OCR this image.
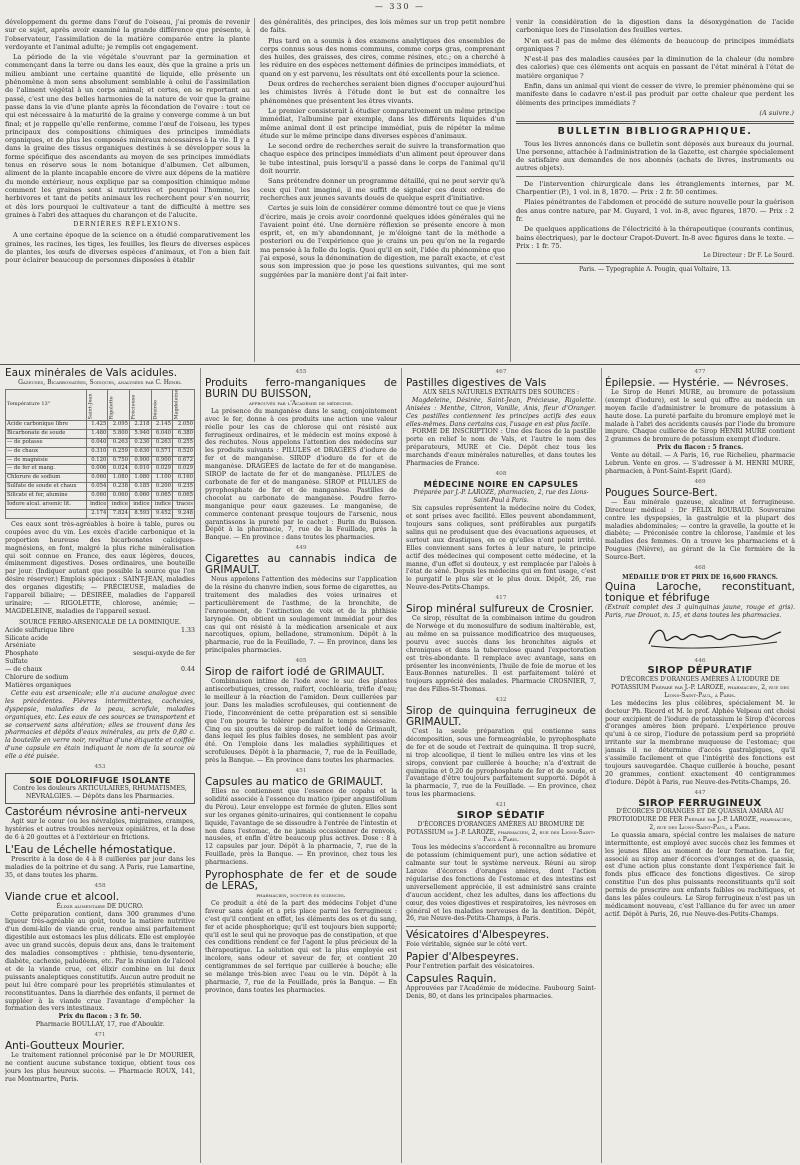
— 330 —

développement du germe dans l'œuf de l'oiseau, j'ai promis de revenir sur ce sujet, après avoir examiné la grande différence que présente, à l'observateur, l'assimilation de la matière comparée entre la plante verdoyante et l'animal adulte; je remplis cet engagement.

La période de la vie végétale s'ouvrant par la germination et commençant dans la terre ou dans les eaux, dès que la graine a pris un milieu ambiant une certaine quantité de liquide, elle présente un phénomène à mon sens absolument semblable à celui de l'assimilation de l'aliment végétal à un corps animal; et certes, en se reportant au passé, c'est une des belles harmonies de la nature de voir que la graine passe dans la vie d'une plante après la fécondation de l'ovaire : tout ce qui est nécessaire à la maturité de la graine y converge comme à un but final; et je rappelle qu'elle renferme, comme l'œuf de l'oiseau, les types principaux des compositions chimiques des principes immédiats organiques, et de plus les composés minéraux nécessaires à la vie. Il y a dans la graine des tissus organiques destinés à se développer sous la forme spécifique des ascendants au moyen de ses principes immédiats tenus en réserve sous le nom botanique d'albumen. Cet albumen, aliment de la plante incapable encore de vivre aux dépens de la matière du monde extérieur, nous explique par sa composition chimique même comment les graines sont si nutritives et pourquoi l'homme, les herbivores et tant de petits animaux les recherchent pour s'en nourrir, et dès lors pourquoi le cultivateur a tant de difficulté à mettre ses graines à l'abri des attaques du charançon et de l'alucite.

DERNIÈRES RÉFLEXIONS.

A une certaine époque de la science on a étudié comparativement les graines, les racines, les tiges, les feuilles, les fleurs de diverses espèces de plantes, les œufs de diverses espèces d'animaux, et l'on a bien fait pour éclairer beaucoup de personnes disposées à établir

des généralités, des principes, des lois mêmes sur un trop petit nombre de faits.

Plus tard on a soumis à des examens analytiques des ensembles de corps connus sous des noms communs, comme corps gras, comprenant des huiles, des graisses, des cires, comme résines, etc.; on a cherché à les réduire en des espèces nettement définies de principes immédiats, et quand on y est parvenu, les résultats ont été excellents pour la science.

Deux ordres de recherches seraient bien dignes d'occuper aujourd'hui les chimistes livrés à l'étude dont le but est de connaître les phénomènes que présentent les êtres vivants.

Le premier consisterait à étudier comparativement un même principe immédiat, l'albumine par exemple, dans les différents liquides d'un même animal dont il est principe immédiat, puis de répéter la même étude sur le même principe dans diverses espèces d'animaux.

Le second ordre de recherches serait de suivre la transformation que chaque espèce des principes immédiats d'un aliment peut éprouver dans le tube intestinal, puis lorsqu'il a passé dans le corps de l'animal qu'il doit nourrir.

Sans prétendre donner un programme détaillé, qui ne peut servir qu'à ceux qui l'ont imaginé, il me suffit de signaler ces deux ordres de recherches aux jeunes savants doués de quelque esprit d'initiative.

Certes je suis loin de considérer comme démontré tout ce que je viens d'écrire, mais je crois avoir coordonné quelques idées générales qui ne l'avaient point été. Une dernière réflexion se présente encore à mon esprit, et, en m'y abandonnant, je m'éloigne tant de la méthode a posteriori ou de l'expérience que je crains un peu qu'on ne la regarde ma pensée à la folle du logis. Quoi qu'il en soit, l'idée du phénomène que j'ai exposé, sous la dénomination de digestion, me paraît exacte, et c'est sous son impression que je pose les questions suivantes, qui me sont suggérées par la manière dont j'ai fait inter-

venir la considération de la digestion dans la désoxygénation de l'acide carbonique lors de l'insolation des feuilles vertes.

N'en est-il pas de même des éléments de beaucoup de principes immédiats organiques ?

N'est-il pas des maladies causées par la diminution de la chaleur (du nombre des calories) que ces éléments ont acquis en passant de l'état minéral à l'état de matière organique ?

Enfin, dans un animal qui vient de cesser de vivre, le premier phénomène qui se manifeste dans le cadavre n'est-il pas produit par cette chaleur que perdent les éléments des principes immédiats ?

(A suivre.)

BULLETIN BIBLIOGRAPHIQUE.

Tous les livres annoncés dans ce bulletin sont déposés aux bureaux du journal. Une personne, attachée à l'administration de la Gazette, est chargée spécialement de satisfaire aux demandes de nos abonnés (achats de livres, instruments ou autres objets).

De l'intervention chirurgicale dans les étranglements internes, par M. Charpentier (P.), 1 vol. in 8, 1870. — Prix : 2 fr. 50 centimes.

Plaies pénétrantes de l'abdomen et procédé de suture nouvelle pour la guérison des anus contre nature, par M. Guyard, 1 vol. in-8, avec figures, 1870. — Prix : 2 fr.

De quelques applications de l'électricité à la thérapeutique (courants continus, bains électriques), par le docteur Crapot-Duvert. In-8 avec figures dans le texte. — Prix : 1 fr. 75.

Le Directeur : Dr F. Le Sourd.
Paris. — Typographie A. Pougin, quai Voltaire, 13.
Eaux minérales de Vals acidules.
Gazeuses, Bicarbonatées, Sodiques, analysées par C. Henri.
Température 13°	Saint-Jean	Rigolette	Précieuse	Désirée	Magdeleine
Acide carbonique libre	1.425	2.095	2.218	2.145	2.050
Bicarbonate de soude	1.480	5.800	5.940	6.040	6.380
— de potasse	0.040	0.263	0.230	0.263	0.255
— de chaux	0.310	0.259	0.630	0.571	0.520
— de magnésie	0.120	0.750	0.900	0.900	0.672
— de fer et mang.	0.006	0.024	0.010	0.029	0.029
Chlorure de sodium	0.060	1.080	1.080	1.100	0.160
Sulfate de soude et chaux	0.054	0.238	0.185	0.200	0.235
Silicate et fer, alumine	0.060	0.060	0.060	0.065	0.065
Iodure alcal. arsenic lit.	indice	indice	indice	indice	traces
	2.174	7.824	8.593	9.452	9.248

Ces eaux sont très-agréables à boire à table, pures ou coupées avec du vin. Les excès d'acide carbonique et la proportion heureuse des bicarbonates calciques-magnésiens, en font, malgré la plus riche minéralisation qui soit connue en France, des eaux légères, douces, éminemment digestives. Doses ordinaires, une bouteille par jour. (Indiquer autant que possible la source que l'on désire réserver.) Emplois spéciaux : SAINT-JEAN, maladies des organes digestifs; — PRÉCIEUSE, maladies de l'appareil biliaire; — DÉSIRÉE, maladies de l'appareil urinaire; — RIGOLETTE, chlorose, anémie; — MAGDELEINE, maladies de l'appareil sexuel.

SOURCE FERRO-ARSENICALE DE LA DOMINIQUE.
Acide sulfurique libre	1.33
Silicate acide
Arséniate
Phosphate	sesqui-oxyde de fer
Sulfate
— de chaux	0.44
Chlorure de sodium
Matières organiques

Cette eau est arsenicale; elle n'a aucune analogue avec les précédentes. Fièvres intermittentes, cachexies, dyspepsie, maladies de la peau, scrofule, maladies organiques, etc. Les eaux de ces sources se transportent et se conservent sans altération; elles se trouvent dans les pharmacies et dépôts d'eaux minérales, au prix de 0,80 c. la bouteille en verre noir, revêtue d'une étiquette et coiffée d'une capsule en étain indiquant le nom de la source où elle a été puisée.

453
SOIE DOLORIFUGE ISOLANTE

Contre les douleurs ARTICULAIRES, RHUMATISMES, NÉVRALGIES. — Dépôts dans les Pharmacies.

Castoréum névrosine anti-nerveux

Agit sur le cœur (ou les névralgies, migraines, crampes, hystéries et autres troubles nerveux opiniâtres, et la dose de 6 à 20 gouttes et à l'extérieur en frictions.

L'Eau de Léchelle hémostatique.

Prescrite à la dose de 4 à 8 cuillerées par jour dans les maladies de la poitrine et du sang. A Paris, rue Lamartine, 35, et dans toutes les pharm.

458
Viande crue et alcool.
Élixir alimentaire DE DUCRO.

Cette préparation contient, dans 300 grammes d'une liqueur très-agréable au goût, toute la matière nutritive d'un demi-kilo de viande crue, rendue ainsi parfaitement digestible aux estomacs les plus délicats. Elle est employée avec un grand succès, depuis deux ans, dans le traitement des maladies consomptives : phthisie, tenu-dysenterie, diabète, cachexie, paludéens, etc. Par la réunion de l'alcool et de la viande crue, cet élixir combine en lui deux puissants analeptiques constitutifs. Aucun autre produit ne peut lui être comparé pour les propriétés stimulantes et reconstituantes. Dans la diarrhée des enfants, il permet de suppléer à la viande crue l'avantage d'empêcher la formation des vers intestinaux.

Prix du flacon : 3 fr. 50.

Pharmacie BOULLAY, 17, rue d'Aboukir.

471
Anti-Goutteux Mourier.

Le traitement rationnel préconisé par le Dr MOURIER, ne contient aucune substance toxique, obtient tous ces jours les plus heureux succès. — Pharmacie ROUX, 141, rue Montmartre, Paris.

455
Produits ferro-manganiques de BURIN DU BUISSON,
approuvés par l'Académie de médecine.

La présence du manganèse dans le sang, conjointement avec le fer, donne à ces produits une action une valeur réelle pour les cas de chlorose qui ont résisté aux ferrugineux ordinaires, et le médecin est moins exposé à des rechutes. Nous appelons l'attention des médecins sur les produits suivants : PILULES et DRAGÉES d'iodure de fer et de manganèse. SIROP d'iodure de fer et de manganèse. DRAGÉES de lactate de fer et de manganèse. SIROP de lactate de fer et de manganèse. PILULES de carbonate de fer et de manganèse. SIROP et PILULES de pyrophosphate de fer et de manganèse. Pastilles de chocolat au carbonate de manganèse. Poudre ferro-manganique pour eaux gazeuses. Le manganèse, de commerce contenant presque toujours de l'arsenic, nous garantissons la pureté par le cachet : Burin du Buisson. Dépôt à la pharmacie, 7, rue de la Feuillade, près la Banque. — En province : dans toutes les pharmacies.

449
Cigarettes au cannabis indica de GRIMAULT.

Nous appelons l'attention des médecins sur l'application de la résine du chanvre indien, sous forme de cigarettes, au traitement des maladies des voies urinaires et particulièrement de l'asthme, de la bronchite, de l'enrouement, de l'extinction de voix et de la phthisie laryngée. On obtient un soulagement immédiat pour des cas qui ont résisté à la médication arsenicale et aux narcotiques, opium, belladone, stramonium. Dépôt à la pharmacie, rue de la Feuillade, 7. — En province, dans les principales pharmacies.

405
Sirop de raifort iodé de GRIMAULT.

Combinaison intime de l'iode avec le suc des plantes antiscorbutiques, cresson, raifort, cochléaria, trèfle d'eau; le meilleur à la réaction de l'amidon. Deux cuillerées par jour. Dans les maladies scrofuleuses, qui contiennent de l'iode, l'inconvénient de cette préparation est si sensible que l'on pourra le tolérer pendant le temps nécessaire. Cinq ou six gouttes de sirop de raifort iodé de Grimault, dans lequel les plus faibles doses, ne semblent pas avoir été. On l'emploie dans les maladies syphilitiques et scrofuleuses. Dépôt à la pharmacie, 7, rue de la Feuillade, près la Banque. — En province dans toutes les pharmacies.

451
Capsules au matico de GRIMAULT.

Elles ne contiennent que l'essence de copahu et la solidité associée à l'essence du matico (piper angustifolium du Pérou). Leur enveloppe est formée de gluten. Elles sont sur les organes génito-urinaires, qui contiennent le copahu liquide, l'avantage de se dissoudre à l'entrée de l'intestin et non dans l'estomac, de ne jamais occasionner de renvois, nausées, et enfin d'être beaucoup plus actives. Dose : 8 à 12 capsules par jour. Dépôt à la pharmacie, 7, rue de la Feuillade, près la Banque. — En province, chez tous les pharmaciens.

Pyrophosphate de fer et de soude de LERAS,
pharmacien, docteur ès sciences.

Ce produit a été de la part des médecins l'objet d'une faveur sans égale et a pris place parmi les ferrugineux : c'est qu'il contient en effet, les éléments des os et du sang, fer et acide phosphorique; qu'il est toujours bien supporté; qu'il est le seul qui ne provoque pas de constipation, et que ces conditions rendent ce fer l'agent le plus précieux de la thérapeutique. La solution qui est la plus employée est incolore, sans odeur et saveur de fer, et contient 20 centigrammes de sel ferrique par cuillerée à bouche; elle se mélange très-bien avec l'eau ou le vin. Dépôt à la pharmacie, 7, rue de la Feuillade, près la Banque. — En province, dans toutes les pharmacies.

467
Pastilles digestives de Vals
AUX SELS NATURELS EXTRAITS DES SOURCES :

Magdeleine, Désirée, Saint-Jean, Précieuse, Rigolette. Anisées : Menthe, Citron, Vanille, Anis, fleur d'Oranger. Ces pastilles contiennent les principes actifs des eaux elles-mêmes. Dans certains cas, l'usage en est plus facile.

FORME DE INSCRIPTION : Une des faces de la pastille porte en relief le nom de Vals, et l'autre le nom des préparateurs, MURE et Cie. Dépôt chez tous les marchands d'eaux minérales naturelles, et dans toutes les Pharmacies de France.

408
MÉDECINE NOIRE EN CAPSULES
Préparée par J.-P. LAROZE, pharmacien, 2, rue des Lions-Saint-Paul à Paris.

Six capsules représentent la médecine noire du Codex, et sont prises avec facilité. Elles peuvent abondamment, toujours sans coliques, sont préférables aux purgatifs salins qui ne produisent que des évacuations aqueuses, et surtout aux drastiques, en ce qu'elles n'ont point irrité. Elles conviennent sans fortes à leur nature, le principe actif des médecines qui composent cette médecine, et la manne, d'un effet si douteux, y est remplacée par l'aloès à l'état de séné. Depuis les médecins qui en font usage, c'est le purgatif le plus sûr et le plus doux. Dépôt, 26, rue Neuve-des-Petits-Champs.

417
Sirop minéral sulfureux de Crosnier.

Ce sirop, résultat de la combinaison intime du goudron de Norwège et du monosulfure de sodium inaltérable, est, au même en sa puissance modificatrice des muqueuses, pourvu avec succès dans les bronchites aiguës et chroniques et dans la tuberculose quand l'expectoration est très-abondante. Il remplace avec avantage, sans en présenter les inconvénients, l'huile de foie de morue et les Eaux-Bonnes naturelles. Il est parfaitement toléré et toujours apprécié des malades. Pharmacie CROSNIER, 7, rue des Filles-St-Thomas.

432
Sirop de quinquina ferrugineux de GRIMAULT.

C'est la seule préparation qui contienne sans décomposition, sous une formeagréable, le pyrophosphate de fer et de soude et l'extrait de quinquina. Il trop sucré, ni trop alcoolique, il tient le milieu entre les vins et les sirops, convient par cuillerée à bouche; n'a d'extrait de quinquina et 0,20 de pyrophosphate de fer et de soude, et l'avantage d'être toujours parfaitement supporté. Dépôt à la pharmacie, 7, rue de la Feuillade. — En province, chez tous les pharmaciens.

421
SIROP SÉDATIF
D'ÉCORCES D'ORANGES AMÈRES AU BROMURE DE POTASSIUM de J.-P. LAROZE, pharmacien, 2, rue des Lions-Saint-Paul à Paris.

Tous les médecins s'accordent à reconnaître au bromure de potassium (chimiquement pur), une action sédative et calmante sur tout le système nerveux. Réuni au sirop Laroze d'écorces d'oranges amères, dont l'action régularise des fonctions de l'estomac et des intestins est universellement appréciée, il est administré sans crainte d'aucun accident, chez les adultes, dans les affections du cœur, des voies digestives et respiratoires, les névroses en général et les maladies nerveuses de la dentition. Dépôt, 26, rue Neuve-des-Petits-Champs, à Paris.

Vésicatoires d'Albespeyres.

Foie véritable, signée sur le côté vert.

Papier d'Albespeyres.

Pour l'entretien parfait des vésicatoires.

Capsules Raquin.

Approuvées par l'Académie de médecine. Faubourg Saint-Denis, 80, et dans les principales pharmacies.

477
Épilepsie. — Hystérie. — Névroses.

Le Sirop de Henri MURE, au bromure de potassium (exempt d'iodure), est le seul qui offre au médecin un moyen facile d'administrer le bromure de potassium à haute dose. La pureté parfaite du bromure employé met le malade à l'abri des accidents causés par l'iode du bromure impure. Chaque cuillerée de Sirop HENRI MURE contient 2 grammes de bromure de potassium exempt d'iodure.

Prix du flacon : 5 francs.

Vente au détail. — A Paris, 16, rue Richelieu, pharmacie Lebrun. Vente en gros. — S'adresser à M. HENRI MURE, pharmacien, à Pont-Saint-Esprit (Gard).

469
Pougues Source-Bert.

— Eau minérale gazeuse, alcaline et ferrugineuse. Directeur médical : Dr FÉLIX ROUBAUD. Souveraine contre les dyspepsies, la gastralgie et la plupart des maladies abdominales; — contre la gravelle, la goutte et le diabète; — Préconisée contre la chlorose, l'anémie et les maladies des femmes. On a trouve les pharmaciens et à Pougues (Nièvre), au gérant de la Cie fermière de la Source-Bert.

468
MÉDAILLE D'OR ET PRIX DE 16,600 FRANCS.
Quina Laroche, reconstituant, tonique et fébrifuge

(Extrait complet des 3 quinquinas jaune, rouge et gris). Paris, rue Drouot, n. 15, et dans toutes les pharmacies.

446
SIROP DÉPURATIF
D'ÉCORCES D'ORANGES AMÈRES À L'IODURE DE POTASSIUM Préparé par J.-P. LAROZE, pharmacien, 2, rue des Lions-Saint-Paul, à Paris.

Les médecins les plus célèbres, spécialement M. le docteur Ph. Ricord et M. le prof. Alphée Velpeau ont choisi pour excipient de l'iodure de potassium le Sirop d'écorces d'oranges amères bien préparé. L'expérience prouve qu'uni à ce sirop, l'iodure de potassium perd sa propriété irritante sur la membrane muqueuse de l'estomac; que jamais il ne détermine d'accès gastralgiques, qu'il s'assimile facilement et que l'intégrité des fonctions est toujours sauvegardée. Chaque cuillerée à bouche, pesant 20 grammes, contient exactement 40 centigrammes d'iodure. Dépôt à Paris, rue Neuve-des-Petits-Champs, 26.

447
SIROP FERRUGINEUX
D'ÉCORCES D'ORANGES ET DE QUASSIA AMARA AU PROTOIODURE DE FER Préparé par J.-P. LAROZE, pharmacien, 2, rue des Lions-Saint-Paul, à Paris.

Le quassia amara, spécial contre les malaises de nature intermittente, est employé avec succès chez les femmes et les jeunes filles au moment de leur formation. Le fer, associé au sirop amer d'écorces d'oranges et de quassia, est d'une action plus constante dont l'expérience fait le fonds plus efficace des fonctions digestives. Ce sirop constitue l'un des plus puissants reconstituants qu'il soit permis de prescrire aux enfants faibles ou rachitiques, et dans les pâles couleurs. Le Sirop ferrugineux n'est pas un médicament nouveau, c'est l'alliance du fer avec un amer actif. Dépôt à Paris, 26, rue Neuve-des-Petits-Champs.
